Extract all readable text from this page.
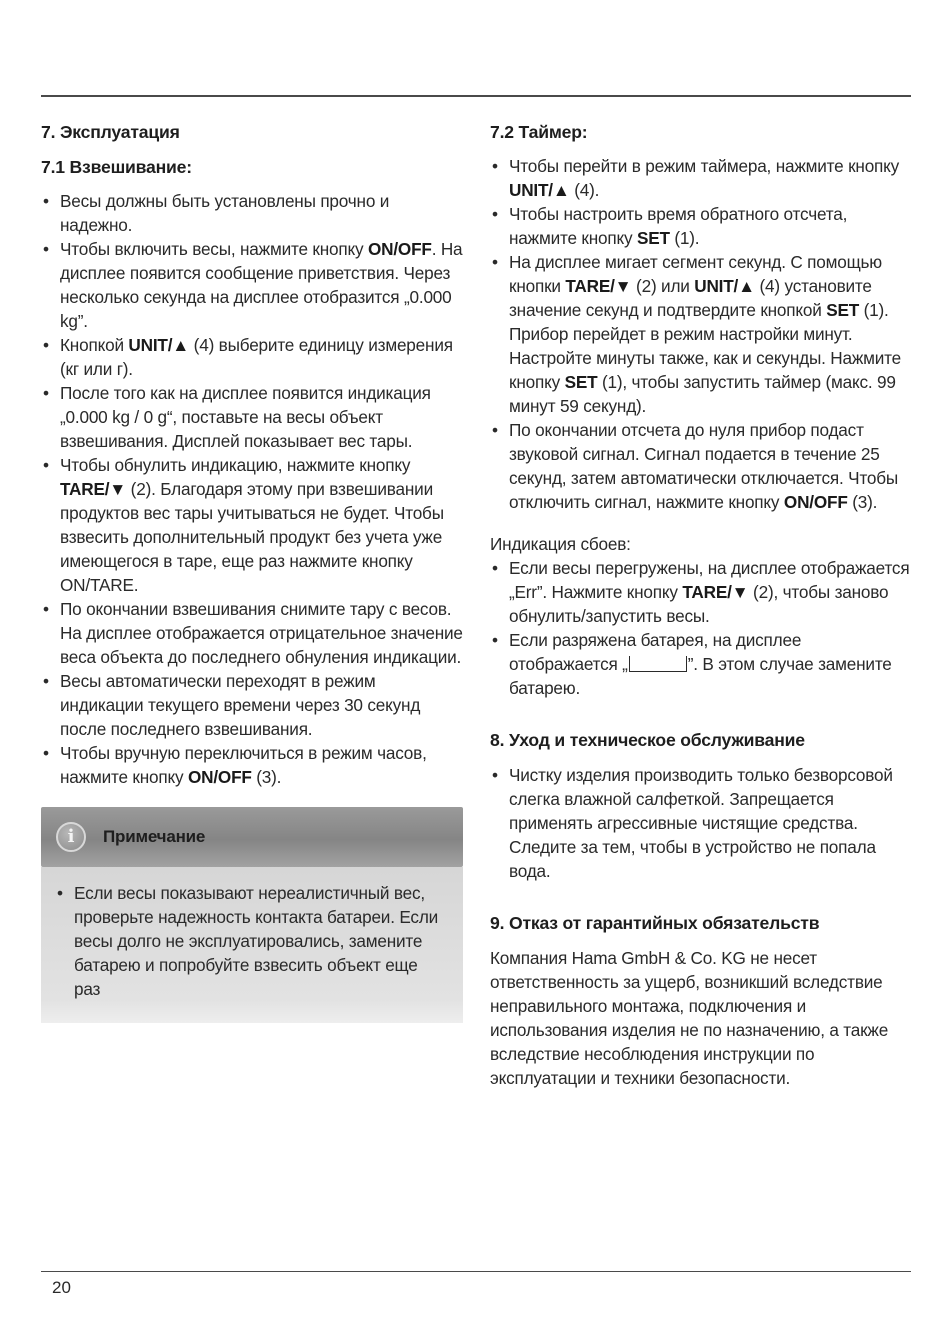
7. Эксплуатация
7.1 Взвешивание:
• Весы должны быть установлены прочно и надежно.
• Чтобы включить весы, нажмите кнопку ON/OFF. На дисплее появится сообщение приветствия. Через несколько секунда на дисплее отобразится „0.000 kg”.
• Кнопкой UNIT/▲ (4) выберите единицу измерения (кг или г).
• После того как на дисплее появится индикация „0.000 kg / 0 g“, поставьте на весы объект взвешивания. Дисплей показывает вес тары.
• Чтобы обнулить индикацию, нажмите кнопку TARE/▼ (2). Благодаря этому при взвешивании продуктов вес тары учитываться не будет. Чтобы взвесить дополнительный продукт без учета уже имеющегося в таре, еще раз нажмите кнопку ON/TARE.
• По окончании взвешивания снимите тару с весов. На дисплее отображается отрицательное значение веса объекта до последнего обнуления индикации.
• Весы автоматически переходят в режим индикации текущего времени через 30 секунд после последнего взвешивания.
• Чтобы вручную переключиться в режим часов, нажмите кнопку ON/OFF (3).
i	Примечание
• Если весы показывают нереалистичный вес, проверьте надежность контакта батареи. Если весы долго не эксплуатировались, замените батарею и попробуйте взвесить объект еще раз
7.2 Таймер:
• Чтобы перейти в режим таймера, нажмите кнопку UNIT/▲ (4).
• Чтобы настроить время обратного отсчета, нажмите кнопку SET (1).
• На дисплее мигает сегмент секунд. С помощью кнопки TARE/▼ (2) или UNIT/▲ (4) установите значение секунд и подтвердите кнопкой SET (1). Прибор перейдет в режим настройки минут. Настройте минуты также, как и секунды. Нажмите кнопку SET (1), чтобы запустить таймер (макс. 99 минут 59 секунд).
• По окончании отсчета до нуля прибор подаст звуковой сигнал. Сигнал подается в течение 25 секунд, затем автоматически отключается. Чтобы отключить сигнал, нажмите кнопку ON/OFF (3).

Индикация сбоев:

• Если весы перегружены, на дисплее отображается „Err”. Нажмите кнопку TARE/▼ (2), чтобы заново обнулить/запустить весы.
• Если разряжена батарея, на дисплее отображается „	”. В этом случае замените батарею.
8. Уход и техническое обслуживание
• Чистку изделия производить только безворсовой слегка влажной салфеткой. Запрещается применять агрессивные чистящие средства. Следите за тем, чтобы в устройство не попала вода.
9. Отказ от гарантийных обязательств

Компания Hama GmbH & Co. KG не несет ответственность за ущерб, возникший вследствие неправильного монтажа, подключения и использования изделия не по назначению, а также вследствие несоблюдения инструкции по эксплуатации и техники безопасности.

20
